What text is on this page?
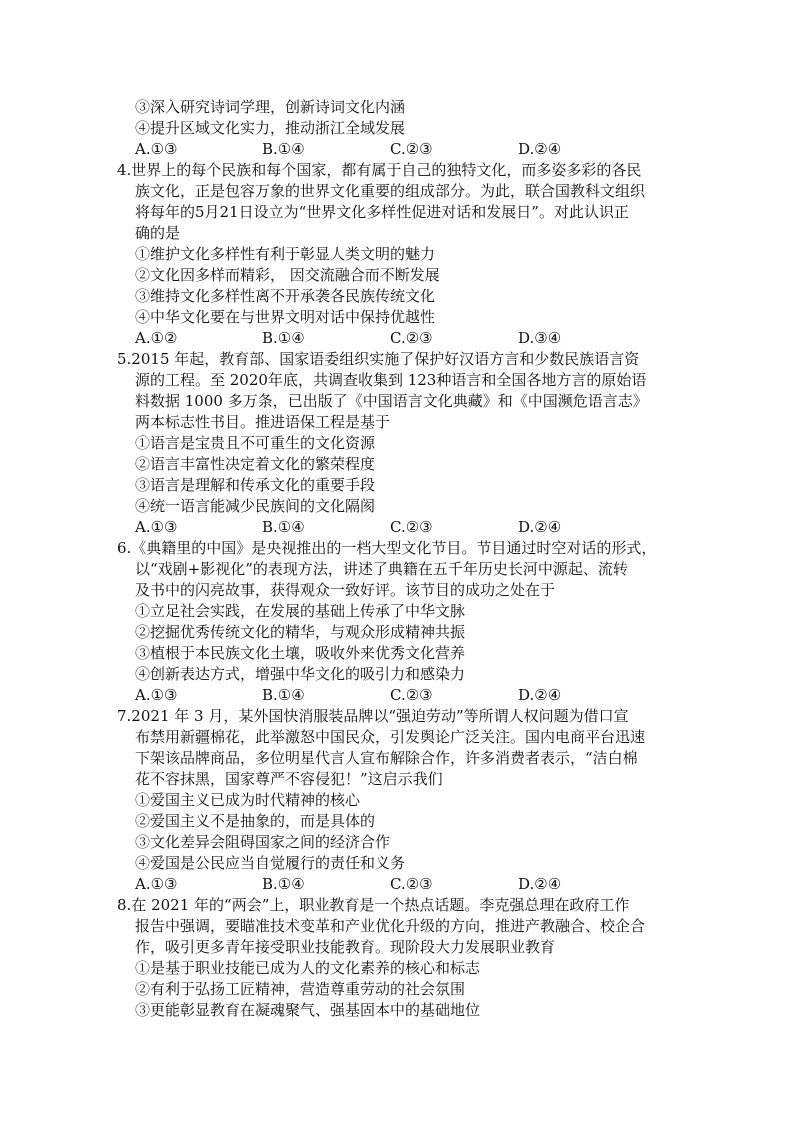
③深入研究诗词学理，创新诗词文化内涵
④提升区域文化实力，推动浙江全域发展
A.①③	B.①④	C.②③	D.②④
4.世界上的每个民族和每个国家，都有属于自己的独特文化，而多姿多彩的各民
族文化，正是包容万象的世界文化重要的组成部分。为此，联合国教科文组织
将每年的5月21日设立为“世界文化多样性促进对话和发展日”。对此认识正
确的是
①维护文化多样性有利于彰显人类文明的魅力
②文化因多样而精彩， 因交流融合而不断发展
③维持文化多样性离不开承袭各民族传统文化
④中华文化要在与世界文明对话中保持优越性
A.①②	B.①④	C.②③	D.③④
5.2015 年起，教育部、国家语委组织实施了保护好汉语方言和少数民族语言资
源的工程。至 2020年底，共调查收集到 123种语言和全国各地方言的原始语
料数据 1000 多万条，已出版了《中国语言文化典藏》和《中国濒危语言志》
两本标志性书目。推进语保工程是基于
①语言是宝贵且不可重生的文化资源
②语言丰富性决定着文化的繁荣程度
③语言是理解和传承文化的重要手段
④统一语言能减少民族间的文化隔阂
A.①③	B.①④	C.②③	D.②④
6.《典籍里的中国》是央视推出的一档大型文化节目。节目通过时空对话的形式，
以“戏剧+影视化”的表现方法，讲述了典籍在五千年历史长河中源起、流转
及书中的闪亮故事，获得观众一致好评。该节目的成功之处在于
①立足社会实践，在发展的基础上传承了中华文脉
②挖掘优秀传统文化的精华，与观众形成精神共振
③植根于本民族文化土壤，吸收外来优秀文化营养
④创新表达方式，增强中华文化的吸引力和感染力
A.①③	B.①④	C.②③	D.②④
7.2021 年 3 月，某外国快消服装品牌以“强迫劳动”等所谓人权问题为借口宣
布禁用新疆棉花，此举激怒中国民众，引发舆论广泛关注。国内电商平台迅速
下架该品牌商品，多位明星代言人宣布解除合作，许多消费者表示，“洁白棉
花不容抹黑，国家尊严不容侵犯！”这启示我们
①爱国主义已成为时代精神的核心
②爱国主义不是抽象的，而是具体的
③文化差异会阻碍国家之间的经济合作
④爱国是公民应当自觉履行的责任和义务
A.①③	B.①④	C.②③	D.②④
8.在 2021 年的“两会”上，职业教育是一个热点话题。李克强总理在政府工作
报告中强调，要瞄准技术变革和产业优化升级的方向，推进产教融合、校企合
作，吸引更多青年接受职业技能教育。现阶段大力发展职业教育
①是基于职业技能已成为人的文化素养的核心和标志
②有利于弘扬工匠精神，营造尊重劳动的社会氛围
③更能彰显教育在凝魂聚气、强基固本中的基础地位
